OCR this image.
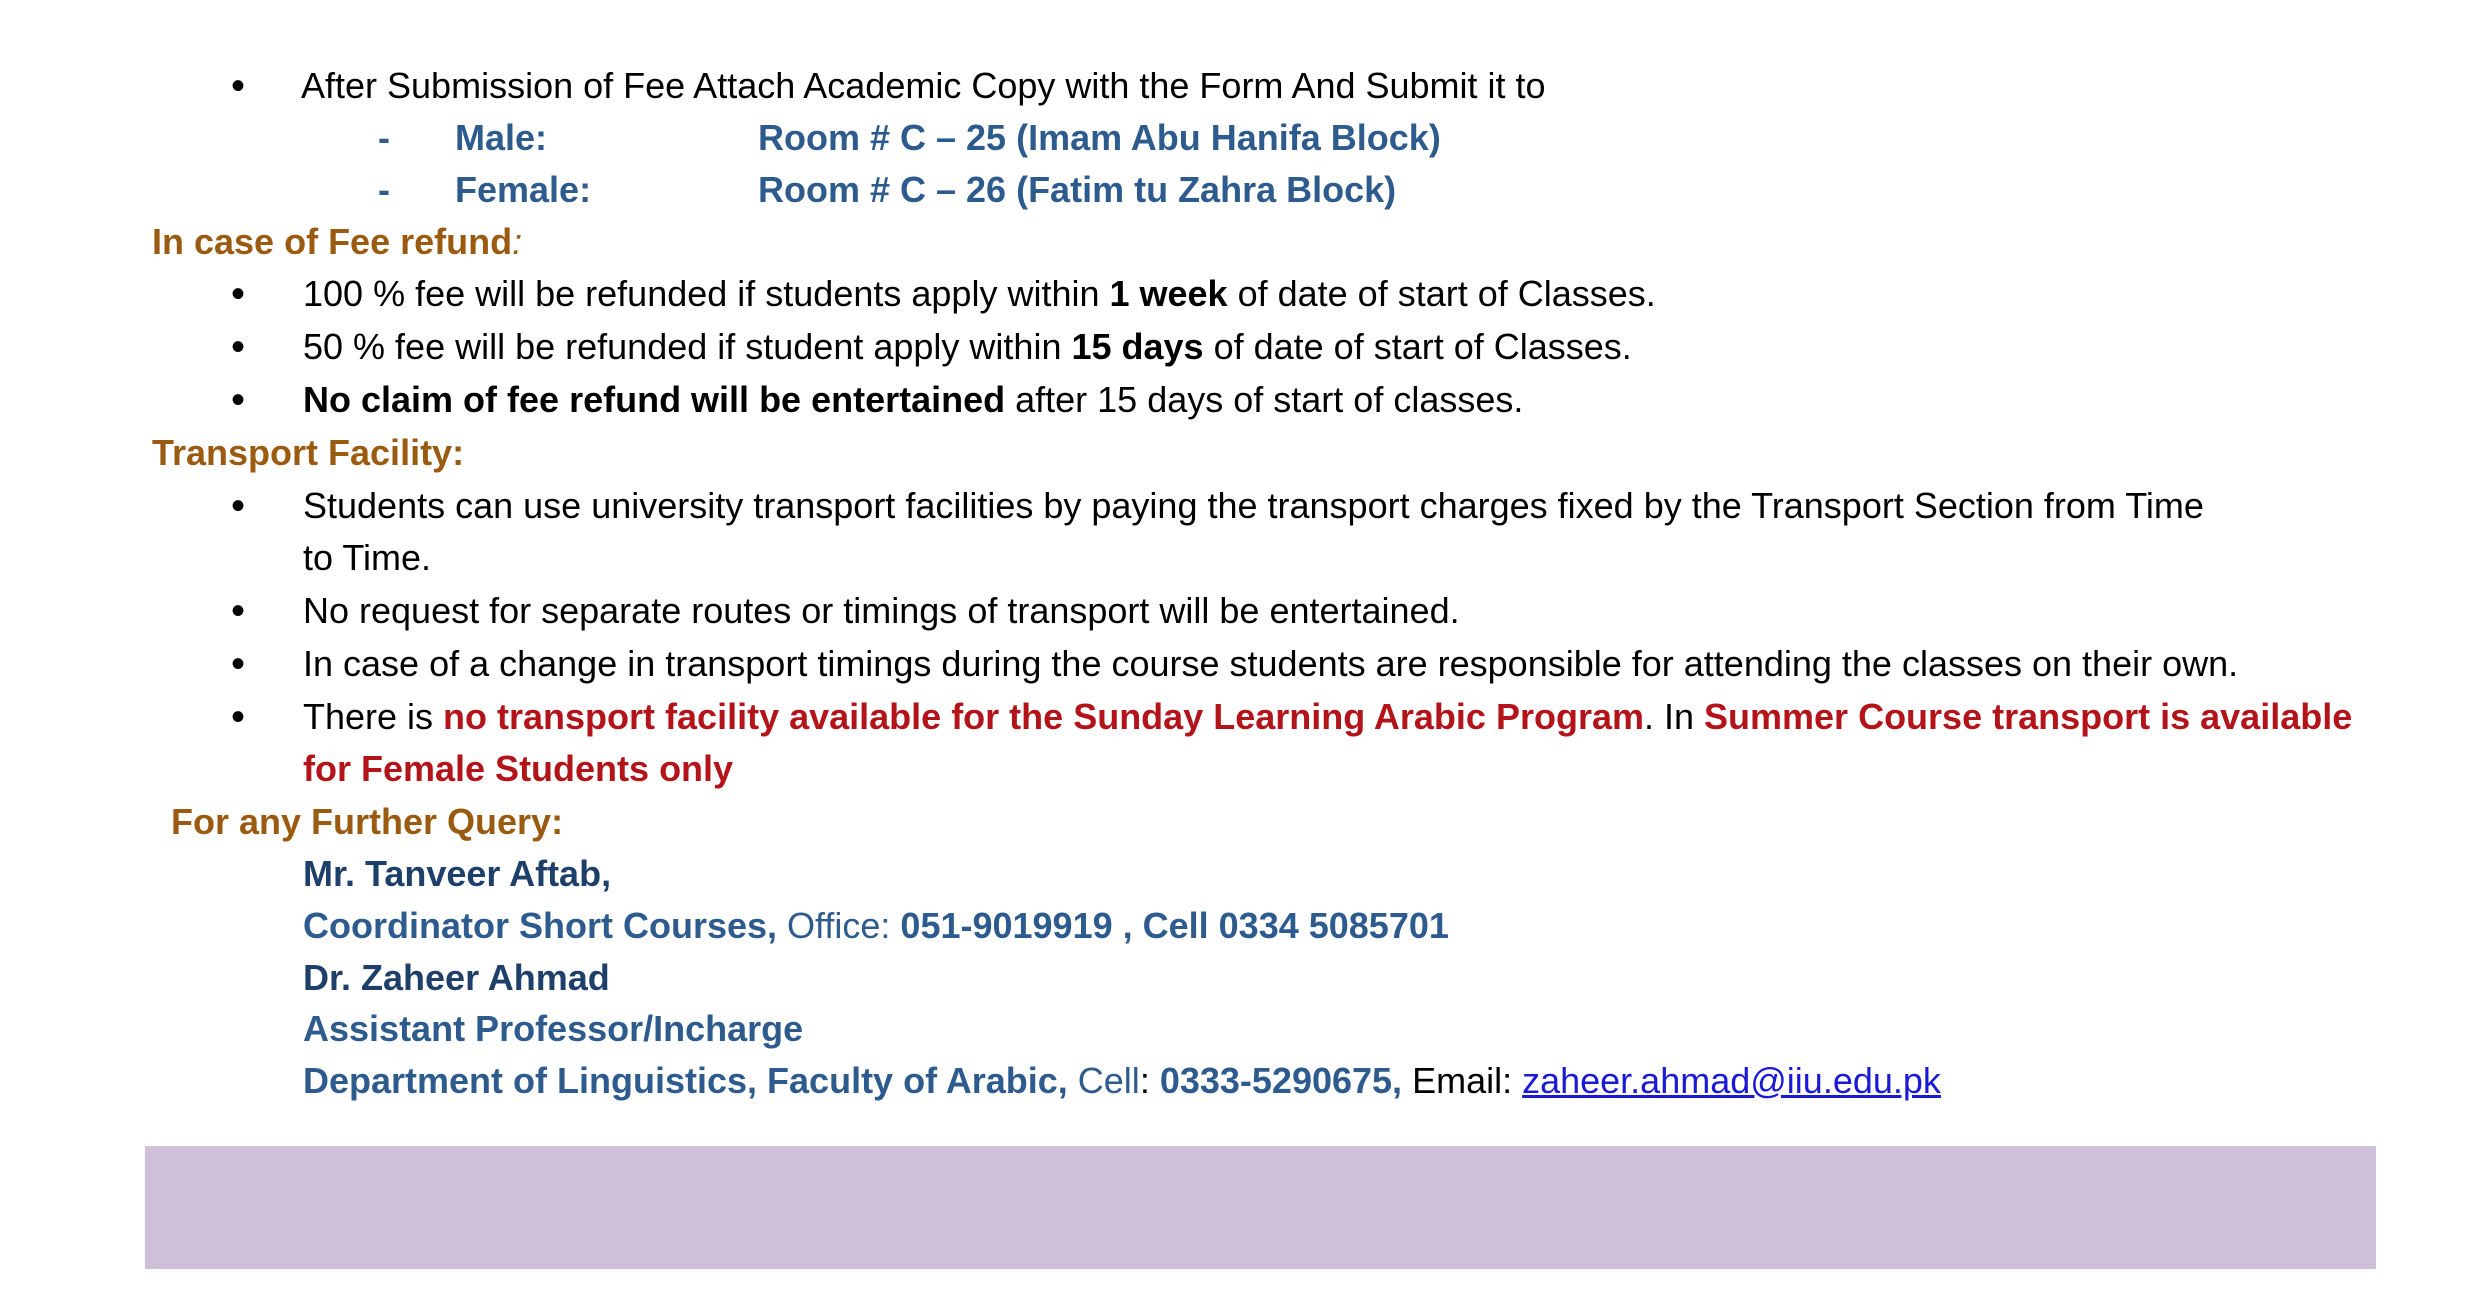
•
After Submission of Fee Attach Academic Copy with the Form And Submit it to
- Male:	Room # C – 25 (Imam Abu Hanifa Block)
- Female:	Room # C – 26 (Fatim tu Zahra Block)
In case of Fee refund:
•
100 % fee will be refunded if students apply within 1 week of date of start of Classes.
•
50 % fee will be refunded if student apply within 15 days of date of start of Classes.
•
No claim of fee refund will be entertained after 15 days of start of classes.
Transport Facility:
•
Students can use university transport facilities by paying the transport charges fixed by the Transport Section from Time
to Time.
•
No request for separate routes or timings of transport will be entertained.
•
In case of a change in transport timings during the course students are responsible for attending the classes on their own.
•
There is no transport facility available for the Sunday Learning Arabic Program. In Summer Course transport is available
for Female Students only
For any Further Query:
Mr. Tanveer Aftab,
Coordinator Short Courses, Office: 051-9019919 , Cell 0334 5085701
Dr. Zaheer Ahmad
Assistant Professor/Incharge
Department of Linguistics, Faculty of Arabic, Cell: 0333-5290675, Email: zaheer.ahmad@iiu.edu.pk
